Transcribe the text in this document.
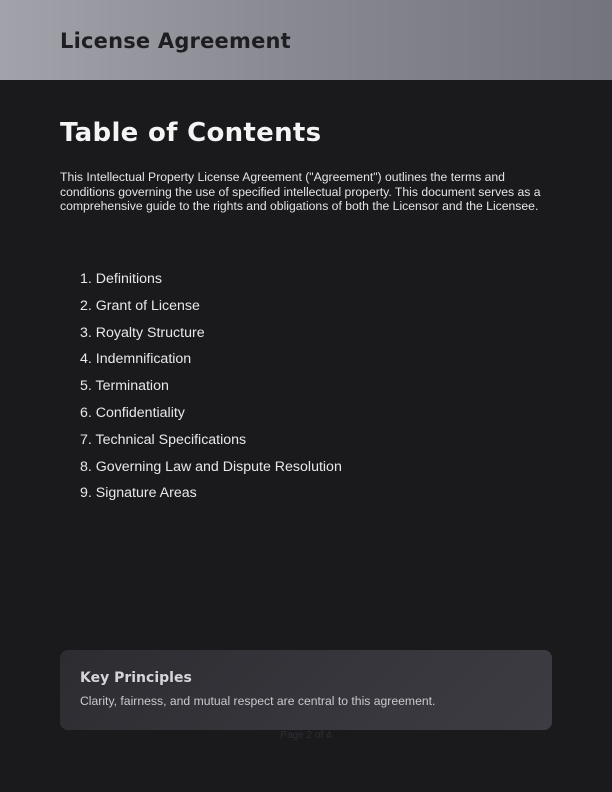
License Agreement
Table of Contents

This Intellectual Property License Agreement ("Agreement") outlines the terms and conditions governing the use of specified intellectual property. This document serves as a comprehensive guide to the rights and obligations of both the Licensor and the Licensee.

1. Definitions
2. Grant of License
3. Royalty Structure
4. Indemnification
5. Termination
6. Confidentiality
7. Technical Specifications
8. Governing Law and Dispute Resolution
9. Signature Areas
Key Principles
Clarity, fairness, and mutual respect are central to this agreement.
Page 2 of 4
